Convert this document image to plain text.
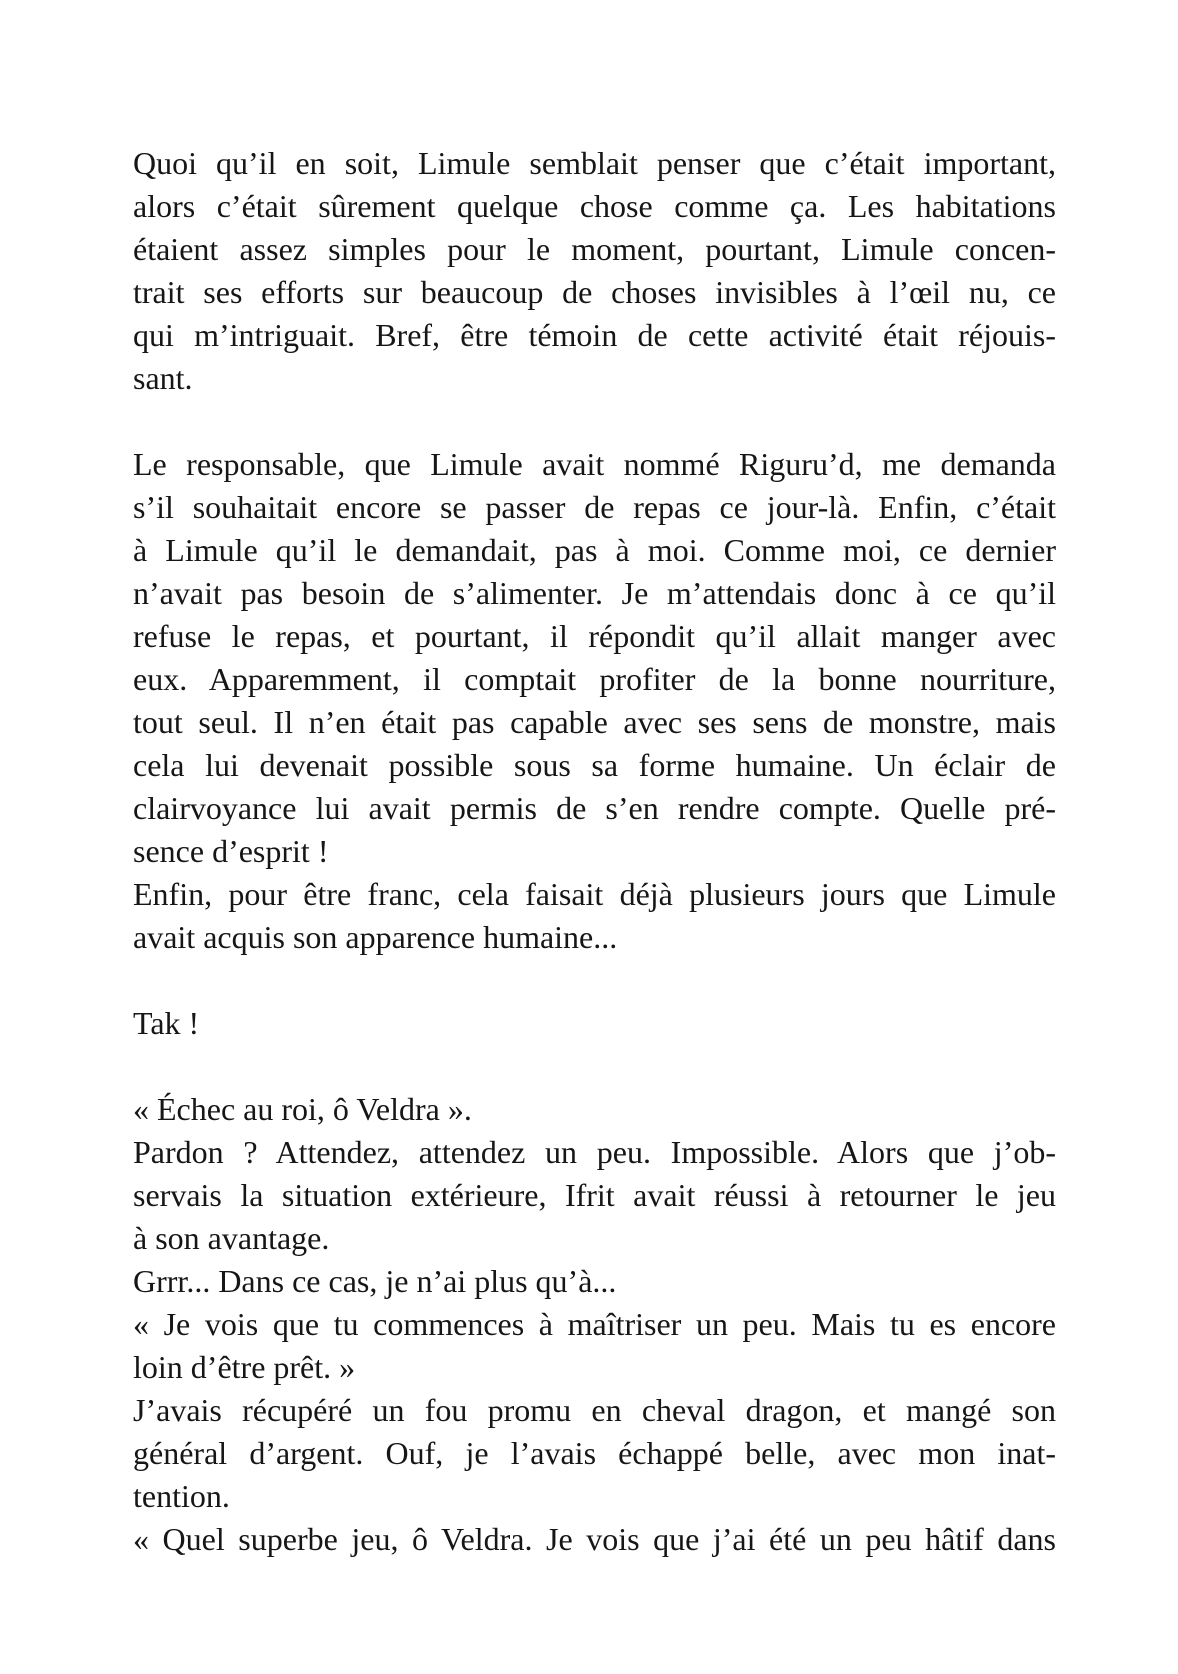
Quoi qu’il en soit, Limule semblait penser que c’était important,
alors c’était sûrement quelque chose comme ça. Les habitations
étaient assez simples pour le moment, pourtant, Limule concen-
trait ses efforts sur beaucoup de choses invisibles à l’œil nu, ce
qui m’intriguait. Bref, être témoin de cette activité était réjouis-
sant.
Le responsable, que Limule avait nommé Riguru’d, me demanda
s’il souhaitait encore se passer de repas ce jour-là. Enfin, c’était
à Limule qu’il le demandait, pas à moi. Comme moi, ce dernier
n’avait pas besoin de s’alimenter. Je m’attendais donc à ce qu’il
refuse le repas, et pourtant, il répondit qu’il allait manger avec
eux. Apparemment, il comptait profiter de la bonne nourriture,
tout seul. Il n’en était pas capable avec ses sens de monstre, mais
cela lui devenait possible sous sa forme humaine. Un éclair de
clairvoyance lui avait permis de s’en rendre compte. Quelle pré-
sence d’esprit !
Enfin, pour être franc, cela faisait déjà plusieurs jours que Limule
avait acquis son apparence humaine...
Tak !
« Échec au roi, ô Veldra ».
Pardon ? Attendez, attendez un peu. Impossible. Alors que j’ob-
servais la situation extérieure, Ifrit avait réussi à retourner le jeu
à son avantage.
Grrr... Dans ce cas, je n’ai plus qu’à...
« Je vois que tu commences à maîtriser un peu. Mais tu es encore
loin d’être prêt. »
J’avais récupéré un fou promu en cheval dragon, et mangé son
général d’argent. Ouf, je l’avais échappé belle, avec mon inat-
tention.
« Quel superbe jeu, ô Veldra. Je vois que j’ai été un peu hâtif dans
